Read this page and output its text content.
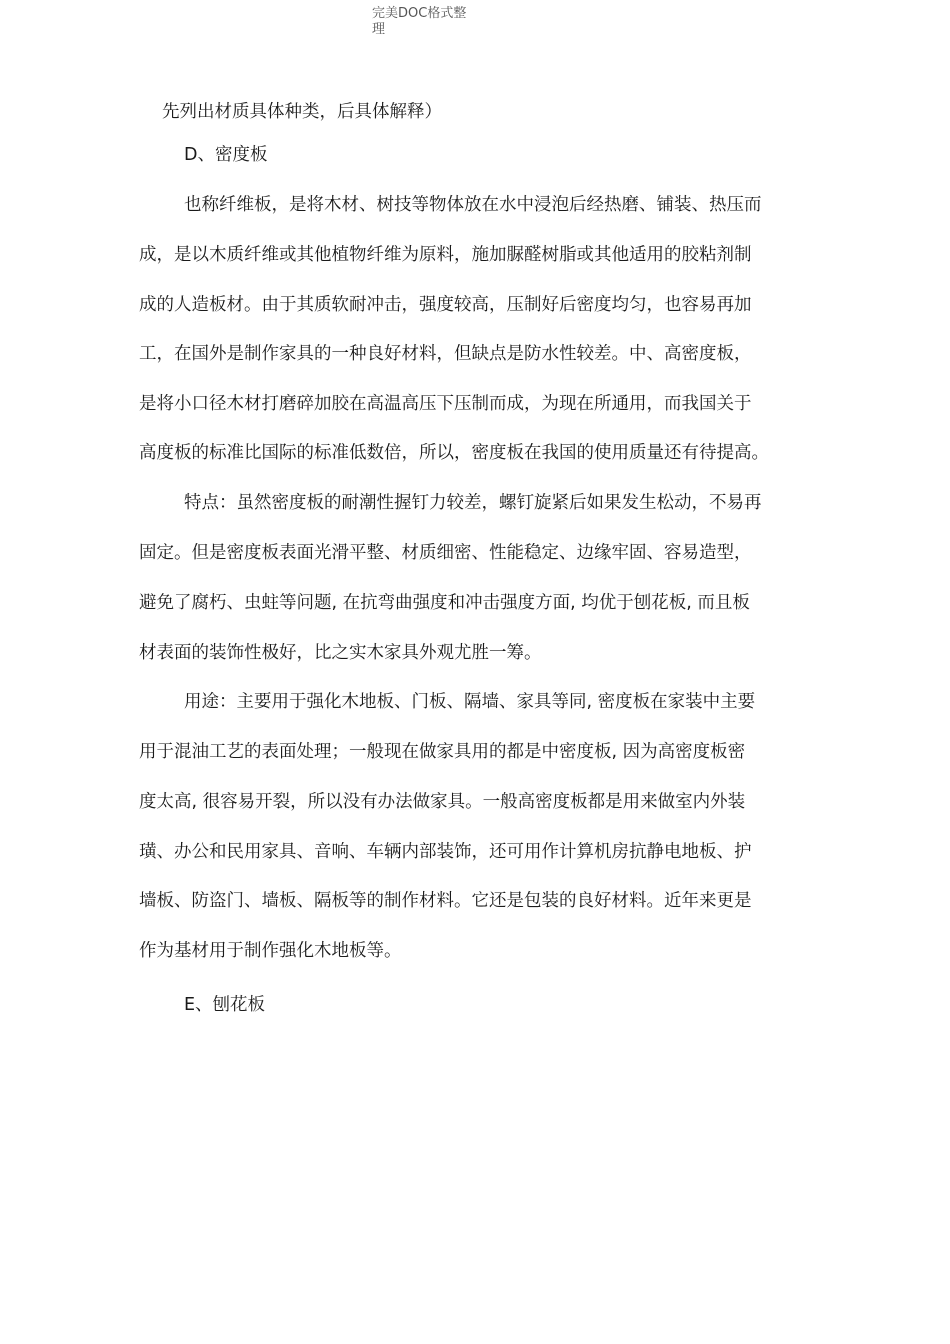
完美DOC格式整
理
先列出材质具体种类，后具体解释）
D、密度板
也称纤维板，是将木材、树技等物体放在水中浸泡后经热磨、铺装、热压而
成，是以木质纤维或其他植物纤维为原料，施加脲醛树脂或其他适用的胶粘剂制
成的人造板材。由于其质软耐冲击，强度较高，压制好后密度均匀，也容易再加
工，在国外是制作家具的一种良好材料，但缺点是防水性较差。中、高密度板，
是将小口径木材打磨碎加胶在高温高压下压制而成，为现在所通用，而我国关于
高度板的标准比国际的标准低数倍，所以，密度板在我国的使用质量还有待提高。
特点：虽然密度板的耐潮性握钉力较差，螺钉旋紧后如果发生松动，不易再
固定。但是密度板表面光滑平整、材质细密、性能稳定、边缘牢固、容易造型，
避免了腐朽、虫蛀等问题, 在抗弯曲强度和冲击强度方面, 均优于刨花板, 而且板
材表面的装饰性极好，比之实木家具外观尤胜一筹。
用途：主要用于强化木地板、门板、隔墙、家具等同, 密度板在家装中主要
用于混油工艺的表面处理；一般现在做家具用的都是中密度板, 因为高密度板密
度太高, 很容易开裂，所以没有办法做家具。一般高密度板都是用来做室内外装
璜、办公和民用家具、音响、车辆内部装饰，还可用作计算机房抗静电地板、护
墙板、防盗门、墙板、隔板等的制作材料。它还是包装的良好材料。近年来更是
作为基材用于制作强化木地板等。
E、刨花板
